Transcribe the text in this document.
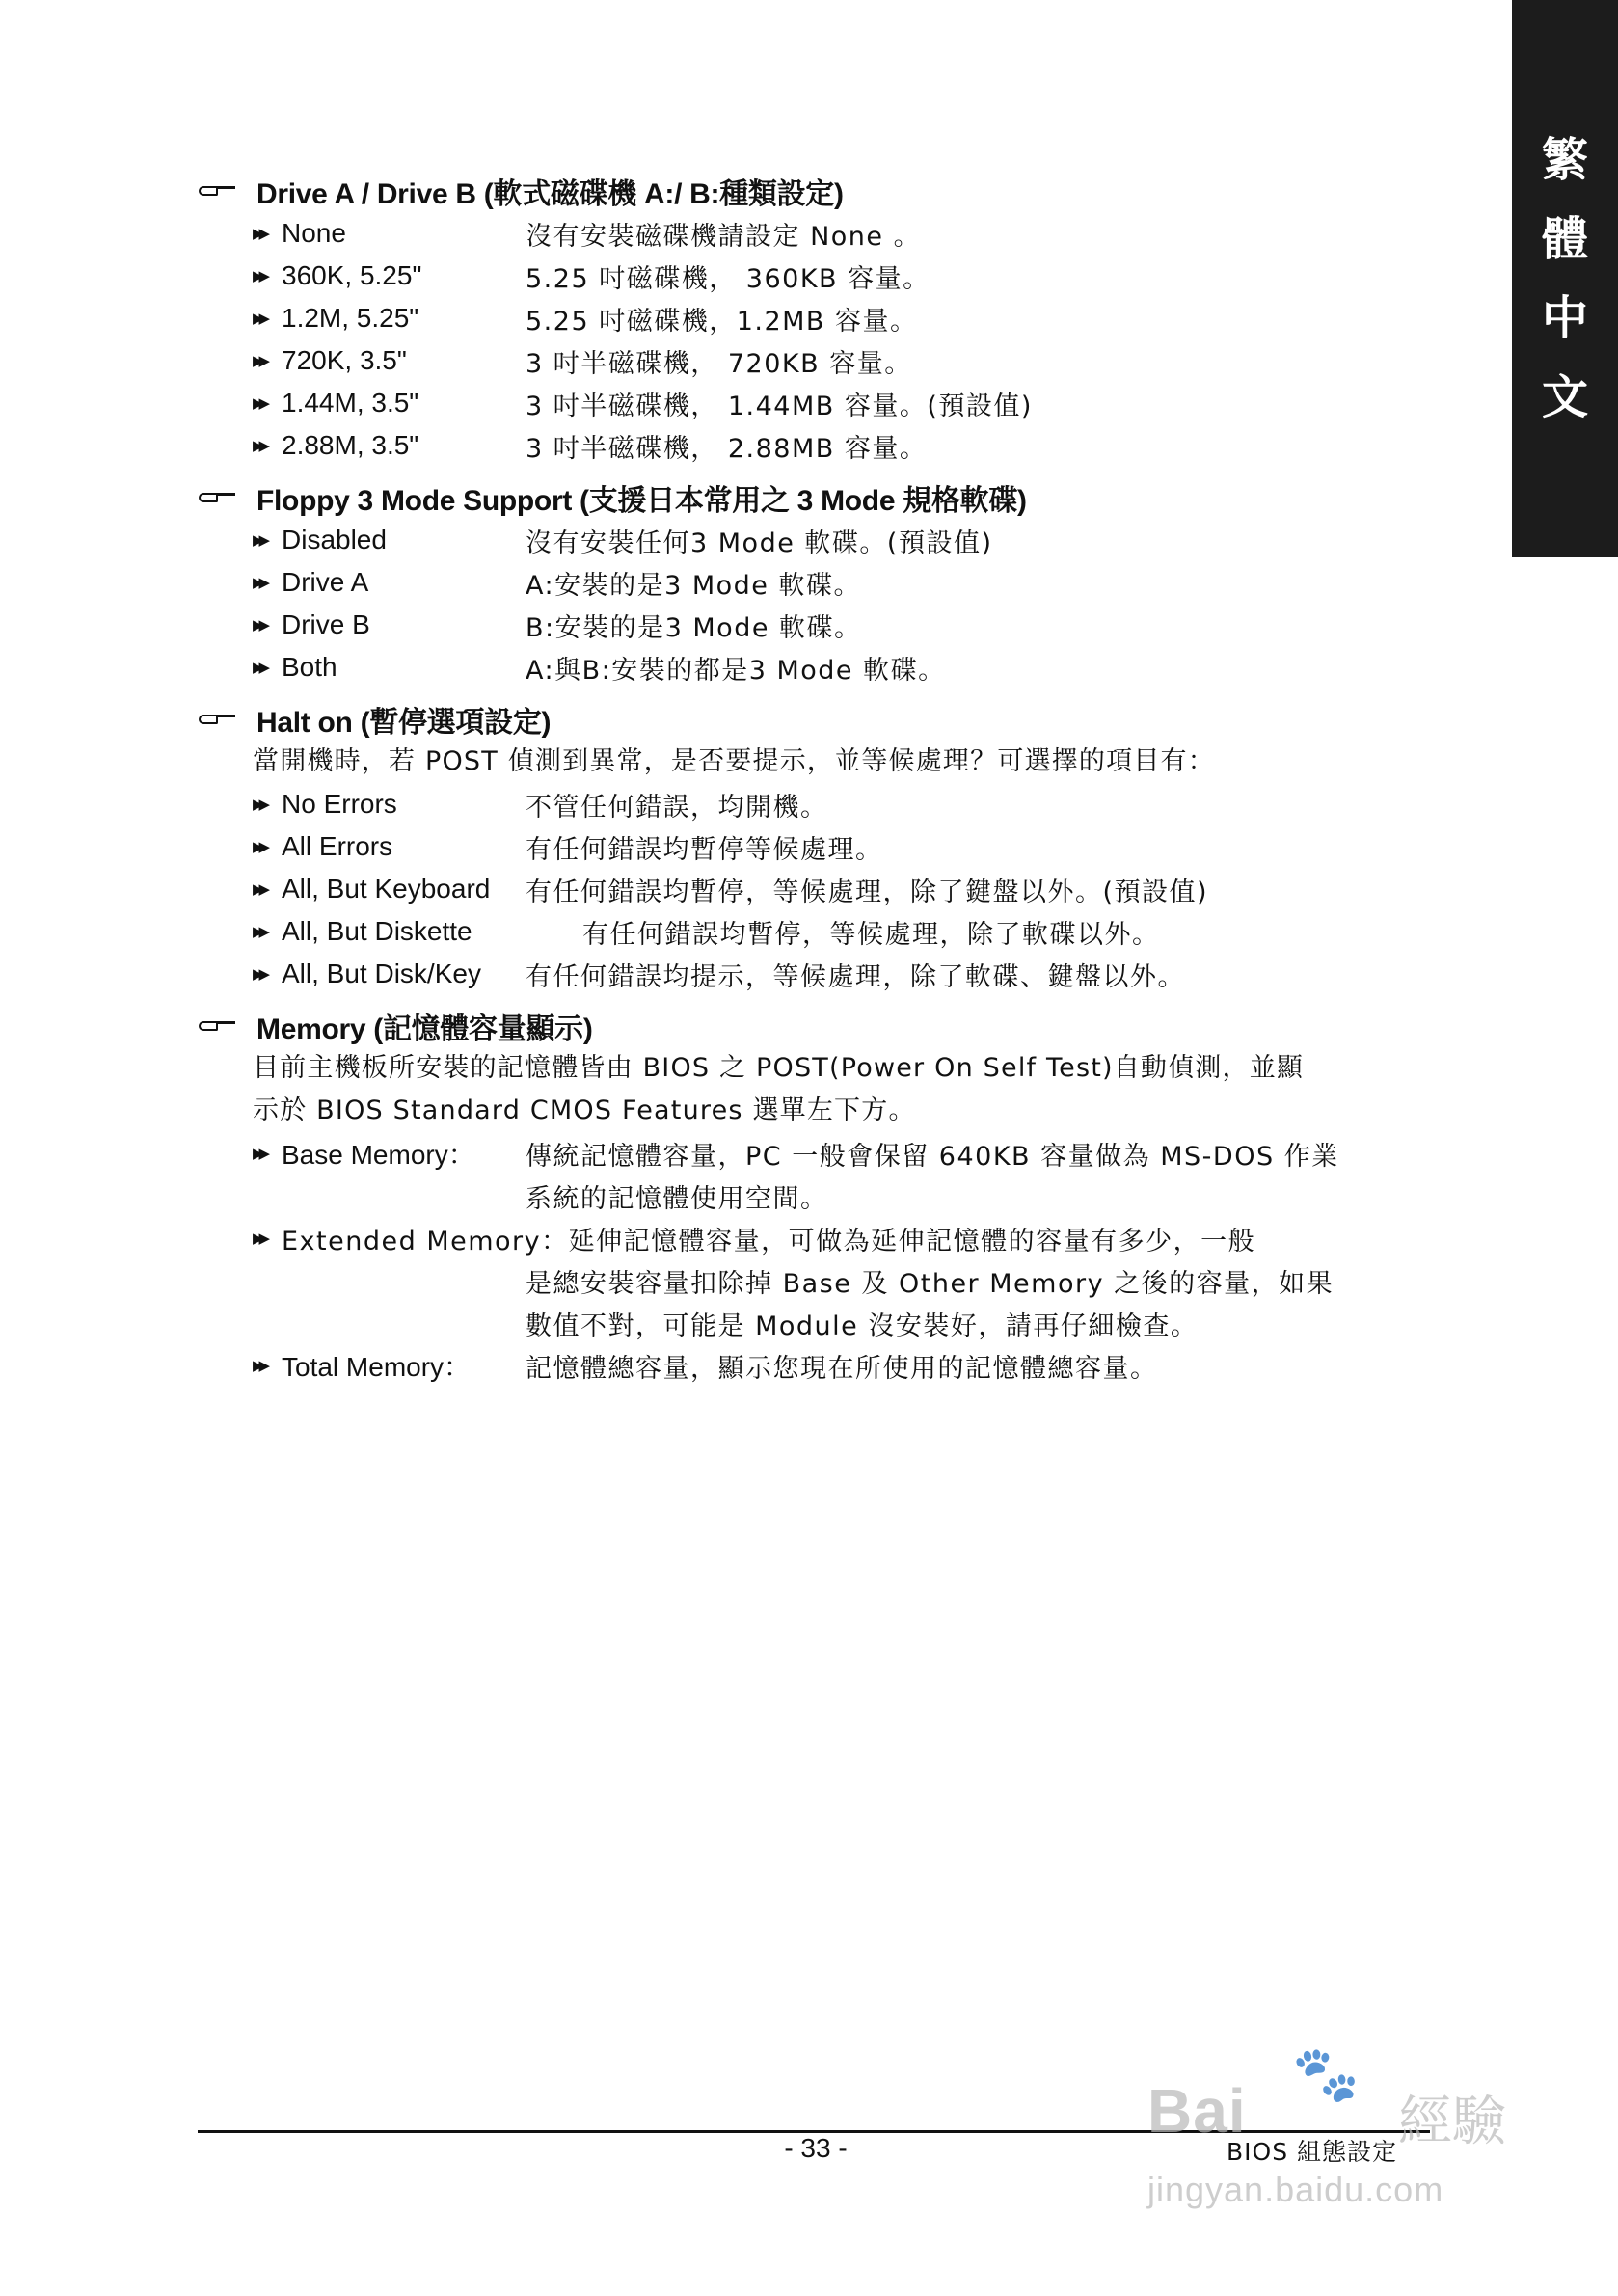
繁
體
中
文
Drive A / Drive B (軟式磁碟機 A:/ B:種類設定)
▶▶ None	沒有安裝磁碟機請設定 None 。
▶▶ 360K, 5.25"	5.25 吋磁碟機， 360KB 容量。
▶▶ 1.2M, 5.25"	5.25 吋磁碟機，1.2MB 容量。
▶▶ 720K, 3.5"	3 吋半磁碟機， 720KB 容量。
▶▶ 1.44M, 3.5"	3 吋半磁碟機， 1.44MB 容量。(預設值)
▶▶ 2.88M, 3.5"	3 吋半磁碟機， 2.88MB 容量。
Floppy 3 Mode Support (支援日本常用之 3 Mode 規格軟碟)
▶▶ Disabled	沒有安裝任何3 Mode 軟碟。(預設值)
▶▶ Drive A	A:安裝的是3 Mode 軟碟。
▶▶ Drive B	B:安裝的是3 Mode 軟碟。
▶▶ Both	A:與B:安裝的都是3 Mode 軟碟。
Halt on (暫停選項設定)
當開機時，若 POST 偵測到異常，是否要提示，並等候處理？可選擇的項目有：
▶▶ No Errors	不管任何錯誤，均開機。
▶▶ All Errors	有任何錯誤均暫停等候處理。
▶▶ All, But Keyboard 有任何錯誤均暫停，等候處理，除了鍵盤以外。(預設值)
▶▶ All, But Diskette	有任何錯誤均暫停，等候處理，除了軟碟以外。
▶▶ All, But Disk/Key 有任何錯誤均提示，等候處理，除了軟碟、鍵盤以外。
Memory (記憶體容量顯示)
目前主機板所安裝的記憶體皆由 BIOS 之 POST(Power On Self Test)自動偵測，並顯
示於 BIOS Standard CMOS Features 選單左下方。
▶▶ Base Memory： 傳統記憶體容量，PC 一般會保留 640KB 容量做為 MS-DOS 作業
系統的記憶體使用空間。
▶▶ Extended Memory：延伸記憶體容量，可做為延伸記憶體的容量有多少，一般
是總安裝容量扣除掉 Base 及 Other Memory 之後的容量，如果
數值不對，可能是 Module 沒安裝好，請再仔細檢查。
▶▶ Total Memory： 記憶體總容量，顯示您現在所使用的記憶體總容量。
- 33 -	BIOS 組態設定
Bai
🐾
經驗
jingyan.baidu.com
